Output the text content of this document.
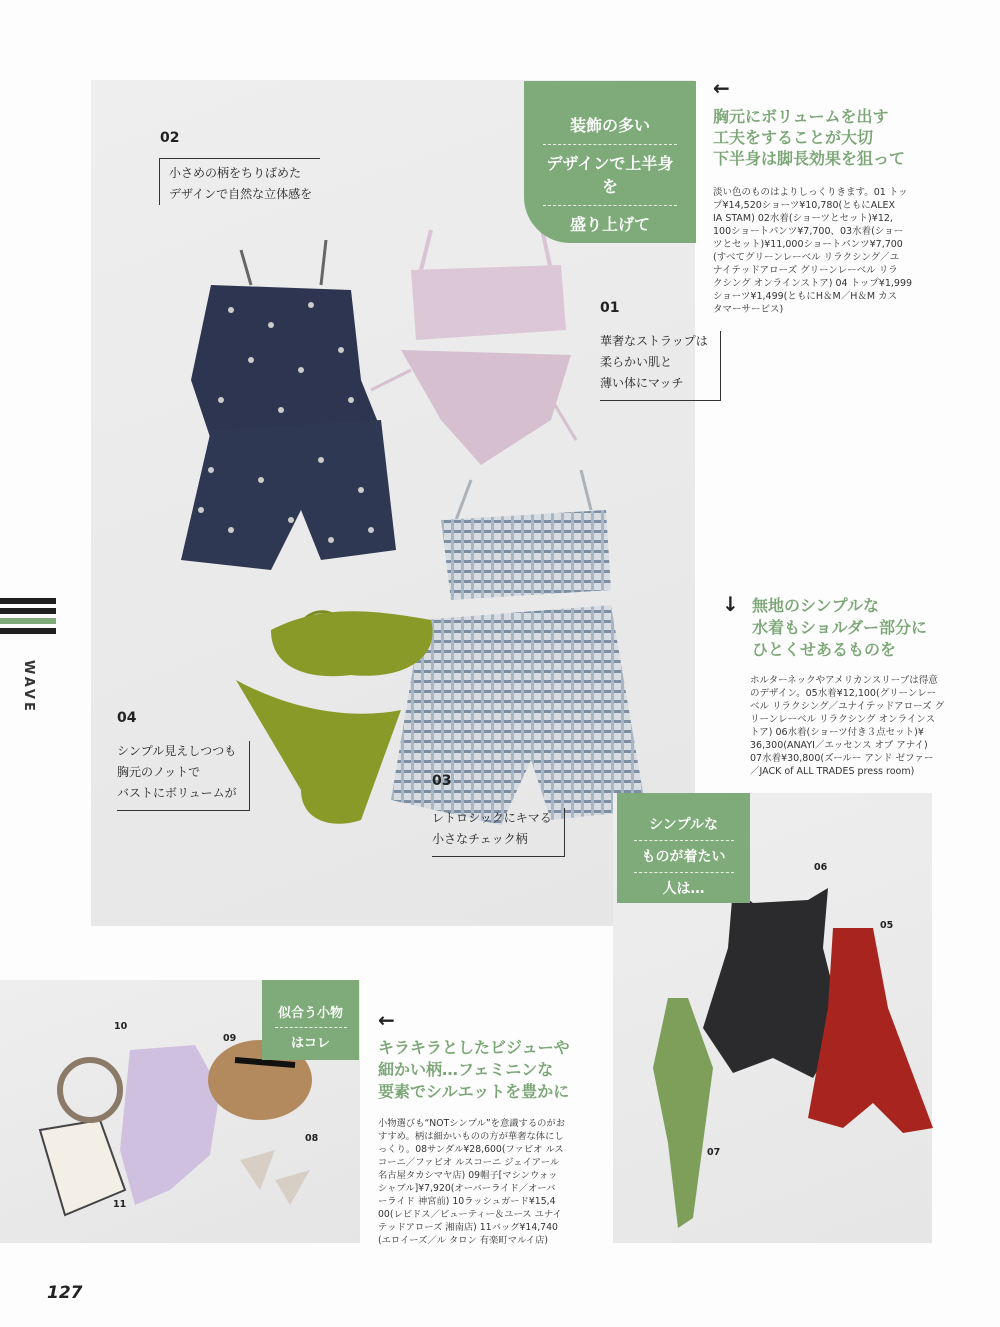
WAVE
装飾の多い
デザインで上半身を
盛り上げて
02
小さめの柄をちりばめた
デザインで自然な立体感を
01
華奢なストラップは
柔らかい肌と
薄い体にマッチ
04
シンプル見えしつつも
胸元のノットで
バストにボリュームが
03
レトロシックにキマる
小さなチェック柄
←
胸元にボリュームを出す
工夫をすることが大切
下半身は脚長効果を狙って
淡い色のものはよりしっくりきます。01 トッ
プ¥14,520ショーツ¥10,780(ともにALEX
IA STAM) 02水着(ショーツとセット)¥12,
100ショートパンツ¥7,700、03水着(ショー
ツとセット)¥11,000ショートパンツ¥7,700
(すべてグリーンレーベル リラクシング／ユ
ナイテッドアローズ グリーンレーベル リラ
クシング オンラインストア) 04 トップ¥1,999
ショーツ¥1,499(ともにH＆M／H＆M カス
タマーサービス)
↓ 無地のシンプルな
水着もショルダー部分に
ひとくせあるものを
ホルターネックやアメリカンスリーブは得意
のデザイン。05水着¥12,100(グリーンレー
ベル リラクシング／ユナイテッドアローズ グ
リーンレーベル リラクシング オンラインス
トア) 06水着(ショーツ付き３点セット)¥
36,300(ANAYI／エッセンス オブ アナイ)
07水着¥30,800(ズールー アンド ゼファー
／JACK of ALL TRADES press room)
シンプルな
ものが着たい
人は…
06
05
07
似合う小物
はコレ
10
09
08
11
←
キラキラとしたビジューや
細かい柄…フェミニンな
要素でシルエットを豊かに
小物選びも“NOTシンプル”を意識するのがお
すすめ。柄は細かいものの方が華奢な体にし
っくり。08サンダル¥28,600(ファビオ ルス
コーニ／ファビオ ルスコーニ ジェイアール
名古屋タカシマヤ店) 09帽子[マシンウォッ
シャブル]¥7,920(オーバーライド／オーバ
ーライド 神宮前) 10ラッシュガード¥15,4
00(レビドス／ビューティー＆ユース ユナイ
テッドアローズ 湘南店) 11バッグ¥14,740
(エロイーズ／ル タロン 有楽町マルイ店)
127
